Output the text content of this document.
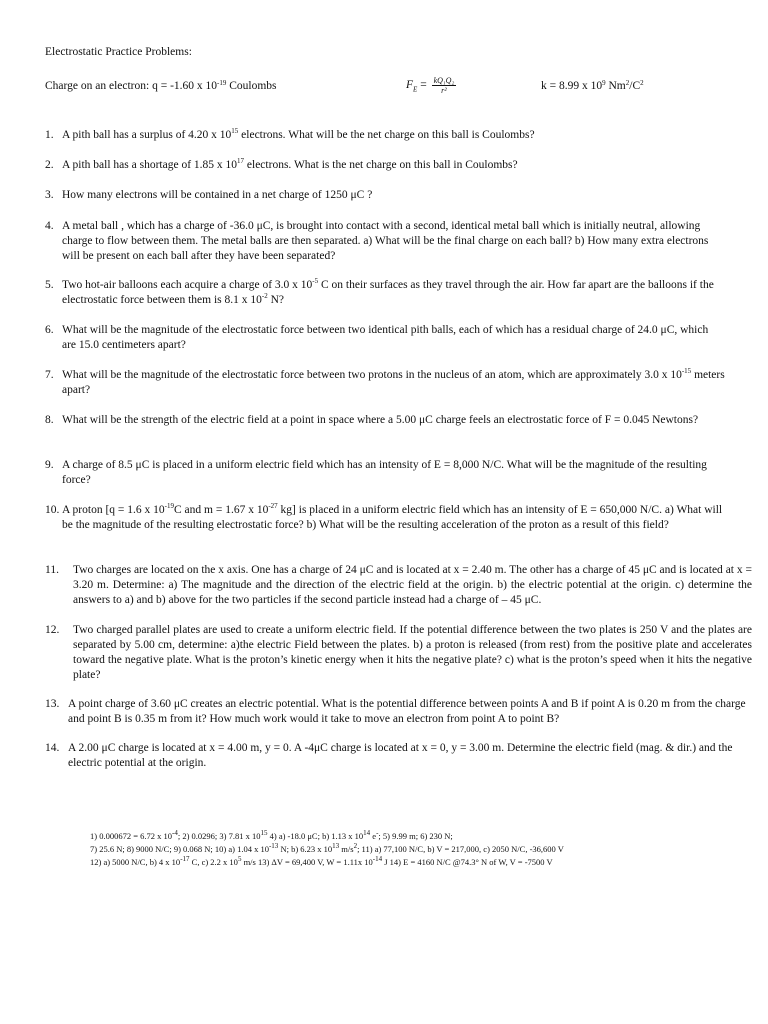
Electrostatic Practice Problems:
Charge on an electron: q = -1.60 x $10^{-19}$ Coulombs	$F_E = \frac{\text{kQ₁Q₂}}{\text{r²}}$	k = 8.99 x $10^9$ $Nm^2/C^2$
1. A pith ball has a surplus of 4.20 x $10^{15}$ electrons. What will be the net charge on this ball is Coulombs?
2. A pith ball has a shortage of 1.85 x $10^{17}$ electrons. What is the net charge on this ball in Coulombs?
3. How many electrons will be contained in a net charge of 1250 μC ?
4. A metal ball , which has a charge of -36.0 μC, is brought into contact with a second, identical metal ball which is initially neutral, allowing charge to flow between them. The metal balls are then separated. a) What will be the final charge on each ball? b) How many extra electrons will be present on each ball after they have been separated?
5. Two hot-air balloons each acquire a charge of 3.0 x $10^{-5}$ C on their surfaces as they travel through the air. How far apart are the balloons if the electrostatic force between them is 8.1 x $10^{-2}$ N?
6. What will be the magnitude of the electrostatic force between two identical pith balls, each of which has a residual charge of 24.0 μC, which are 15.0 centimeters apart?
7. What will be the magnitude of the electrostatic force between two protons in the nucleus of an atom, which are approximately 3.0 x $10^{-15}$ meters apart?
8. What will be the strength of the electric field at a point in space where a 5.00 μC charge feels an electrostatic force of F = 0.045 Newtons?
9. A charge of 8.5 μC is placed in a uniform electric field which has an intensity of E = 8,000 N/C. What will be the magnitude of the resulting force?
10. A proton [q = 1.6 x $10^{-19}C$ and m = 1.67 x $10^{-27}$ kg] is placed in a uniform electric field which has an intensity of E = 650,000 N/C. a) What will be the magnitude of the resulting electrostatic force? b) What will be the resulting acceleration of the proton as a result of this field?
11. Two charges are located on the x axis. One has a charge of 24 μC and is located at x = 2.40 m. The other has a charge of 45 μC and is located at x = 3.20 m. Determine: a) The magnitude and the direction of the electric field at the origin. b) the electric potential at the origin. c) determine the answers to a) and b) above for the two particles if the second particle instead had a charge of – 45 μC.
12. Two charged parallel plates are used to create a uniform electric field. If the potential difference between the two plates is 250 V and the plates are separated by 5.00 cm, determine: a)the electric Field between the plates. b) a proton is released (from rest) from the positive plate and accelerates toward the negative plate. What is the proton’s kinetic energy when it hits the negative plate? c) what is the proton’s speed when it hits the negative plate?
13. A point charge of 3.60 μC creates an electric potential. What is the potential difference between points A and B if point A is 0.20 m from the charge and point B is 0.35 m from it? How much work would it take to move an electron from point A to point B?
14. A 2.00 μC charge is located at x = 4.00 m, y = 0. A -4μC charge is located at x = 0, y = 3.00 m. Determine the electric field (mag. & dir.) and the electric potential at the origin.
1) 0.000672 = 6.72 x $10^{-4}$; 2) 0.0296; 3) 7.81 x $10^{15}$ 4) a) -18.0 μC; b) 1.13 x $10^{14}$ e-; 5) 9.99 m; 6) 230 N;
7) 25.6 N; 8) 9000 N/C; 9) 0.068 N; 10) a) 1.04 x $10^{-13}$ N; b) 6.23 x $10^{13}$ $m/s^2$; 11) a) 77,100 N/C, b) V = 217,000, c) 2050 N/C, -36,600 V
12) a) 5000 N/C, b) 4 x $10^{-17}$ C, c) 2.2 x $10^5$ m/s 13) ΔV = 69,400 V, W = 1.11x $10^{-14}$ J 14) E = 4160 N/C @74.3° N of W, V = -7500 V
